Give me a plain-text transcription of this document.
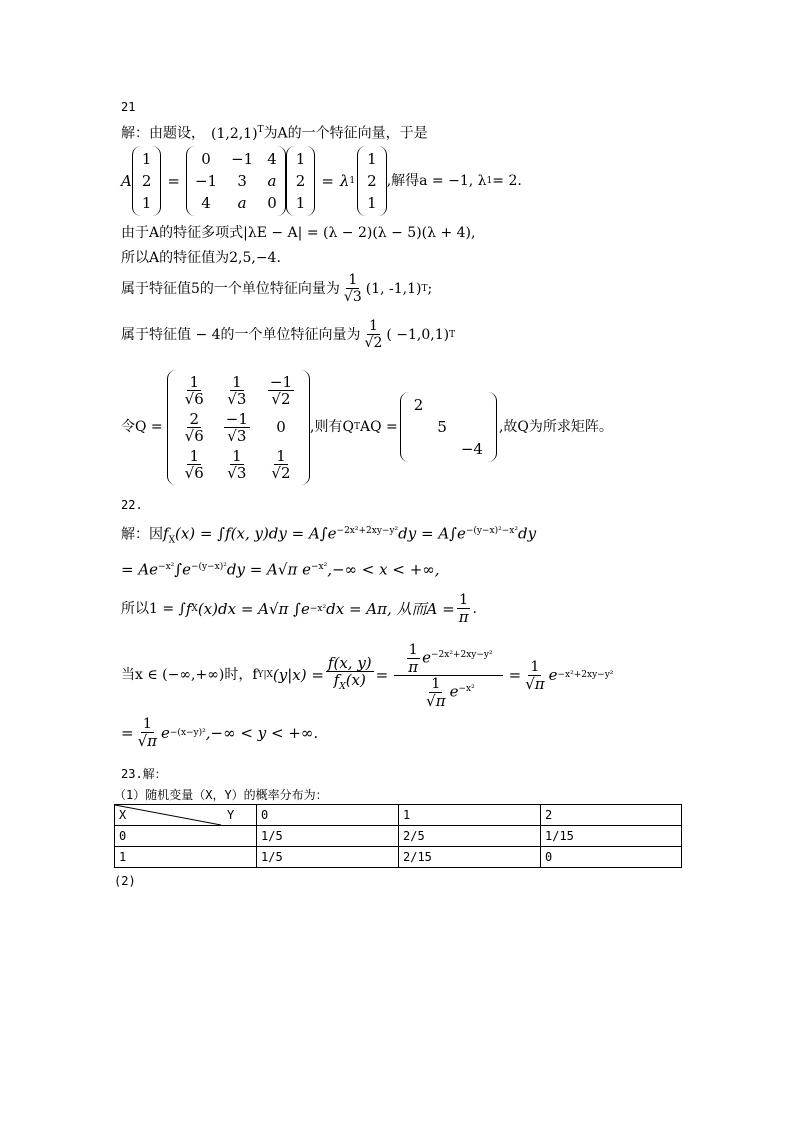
21
解：由题设， $(1,2,1)^T$为A的一个特征向量，于是
A
1
2
1
=
0	−1	4
−1	3	a
4	a	0
1
2
1
= λ 1
1
2
1
,解得a = −1, λ 1 = 2.
由于A的特征多项式|λE − A| = (λ − 2)(λ − 5)(λ + 4),
所以A的特征值为2,5,−4.
属于特征值5的一个单位特征向量为 $\frac{1}{√3} (1$, -1,1) T ;
属于特征值 − 4的一个单位特征向量为 $\frac{1}{√2}$ ( −1,0,1) T
令Q =
$\frac{1}{√6}$	$\frac{1}{√3}$	$\frac{-1}{√2}$

$\frac{2}{√6}$	$\frac{-1}{√3}$	0

$\frac{1}{√6}$	$\frac{1}{√3}$	$\frac{1}{√2}$
,则有Q T AQ =
2		
	5	
		−4
,故Q为所求矩阵。
22.
解：因$f_X(x) = \int f(x$, $y)dy = A\int e^{-2x^2+2xy-y^2}dy = A\int e^{-(y-x)^2-x^2}dy$
= $Ae^{-x^2}\int e^{-(y-x)^2}dy = A√\pi$ $e^{-x^2},-\infty < x$ < +∞,
所以1 = ∫ f X (x)dx = A√π ∫ e −x² dx = Aπ, 从而$A = \frac{1}{\pi}$ .
当x ∈ (−∞,+∞)时，f Y|X $(y|x) = \frac{f(x, y)}{f_X(x)} = \frac{\frac{1}{\pi} e^{-2x^2+2xy-y^2}}{\frac{1}{√\pi} e^{-x^2}} = \frac{1}{√\pi}$ e −x²+2xy−y²
= $\frac{1}{√\pi}$ e −(x−y)² ,−∞ < y < +∞.
23.解：
（1）随机变量（X，Y）的概率分布为：
X Y	0	1	2
0	1/5	2/5	1/15
1	1/5	2/15	0
(2)
